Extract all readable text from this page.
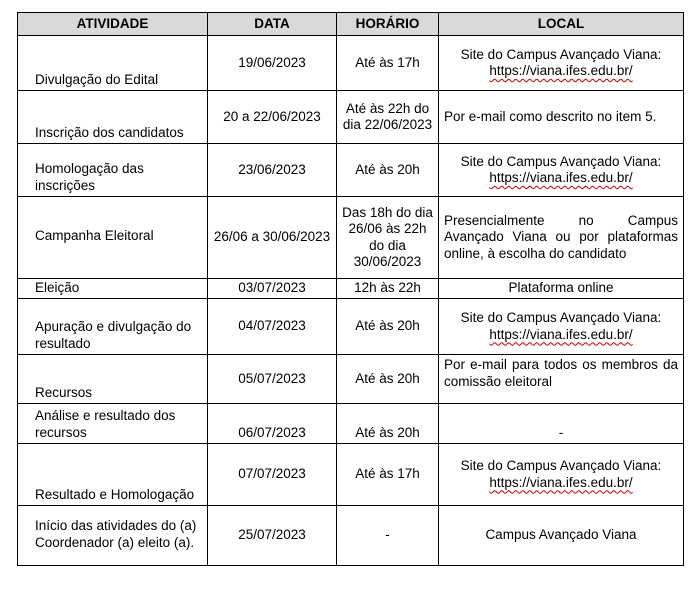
ATIVIDADE	DATA	HORÁRIO	LOCAL
Divulgação do Edital	19/06/2023	Até às 17h	Site do Campus Avançado Viana:
https://viana.ifes.edu.br/
Inscrição dos candidatos	20 a 22/06/2023	Até às 22h do dia 22/06/2023	Por e-mail como descrito no item 5.
Homologação das inscrições	23/06/2023	Até às 20h	Site do Campus Avançado Viana:
https://viana.ifes.edu.br/
Campanha Eleitoral	26/06 a 30/06/2023	Das 18h do dia 26/06 às 22h do dia 30/06/2023	Presencialmente no Campus Avançado Viana ou por plataformas online, à escolha do candidato
Eleição	03/07/2023	12h às 22h	Plataforma online
Apuração e divulgação do resultado	04/07/2023	Até às 20h	Site do Campus Avançado Viana:
https://viana.ifes.edu.br/
Recursos	05/07/2023	Até às 20h	Por e-mail para todos os membros da comissão eleitoral
Análise e resultado dos recursos	06/07/2023	Até às 20h	-
Resultado e Homologação	07/07/2023	Até às 17h	Site do Campus Avançado Viana:
https://viana.ifes.edu.br/
Início das atividades do (a) Coordenador (a) eleito (a).	25/07/2023	-	Campus Avançado Viana
